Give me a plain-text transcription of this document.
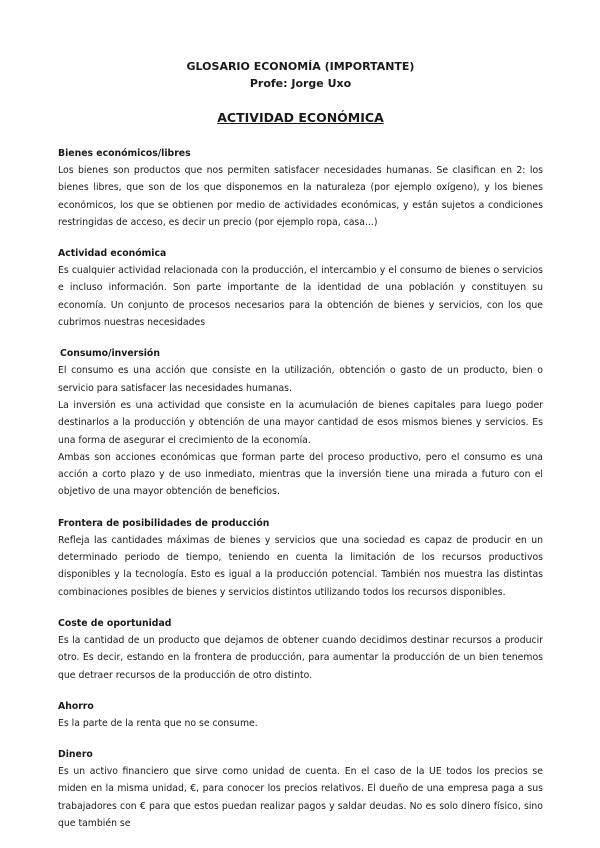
GLOSARIO ECONOMÍA (IMPORTANTE)

Profe: Jorge Uxo

ACTIVIDAD ECONÓMICA

Bienes económicos/libres

Los bienes son productos que nos permiten satisfacer necesidades humanas. Se clasifican en 2: los bienes libres, que son de los que disponemos en la naturaleza (por ejemplo oxígeno), y los bienes económicos, los que se obtienen por medio de actividades económicas, y están sujetos a condiciones restringidas de acceso, es decir un precio (por ejemplo ropa, casa...)

Actividad económica

Es cualquier actividad relacionada con la producción, el intercambio y el consumo de bienes o servicios e incluso información. Son parte importante de la identidad de una población y constituyen su economía. Un conjunto de procesos necesarios para la obtención de bienes y servicios, con los que cubrimos nuestras necesidades

Consumo/inversión

El consumo es una acción que consiste en la utilización, obtención o gasto de un producto, bien o servicio para satisfacer las necesidades humanas.

La inversión es una actividad que consiste en la acumulación de bienes capitales para luego poder destinarlos a la producción y obtención de una mayor cantidad de esos mismos bienes y servicios. Es una forma de asegurar el crecimiento de la economía.

Ambas son acciones económicas que forman parte del proceso productivo, pero el consumo es una acción a corto plazo y de uso inmediato, mientras que la inversión tiene una mirada a futuro con el objetivo de una mayor obtención de beneficios.

Frontera de posibilidades de producción

Refleja las cantidades máximas de bienes y servicios que una sociedad es capaz de producir en un determinado periodo de tiempo, teniendo en cuenta la limitación de los recursos productivos disponibles y la tecnología. Esto es igual a la producción potencial. También nos muestra las distintas combinaciones posibles de bienes y servicios distintos utilizando todos los recursos disponibles.

Coste de oportunidad

Es la cantidad de un producto que dejamos de obtener cuando decidimos destinar recursos a producir otro. Es decir, estando en la frontera de producción, para aumentar la producción de un bien tenemos que detraer recursos de la producción de otro distinto.

Ahorro

Es la parte de la renta que no se consume.

Dinero

Es un activo financiero que sirve como unidad de cuenta. En el caso de la UE todos los precios se miden en la misma unidad, €, para conocer los precios relativos. El dueño de una empresa paga a sus trabajadores con € para que estos puedan realizar pagos y saldar deudas. No es solo dinero físico, sino que también se
